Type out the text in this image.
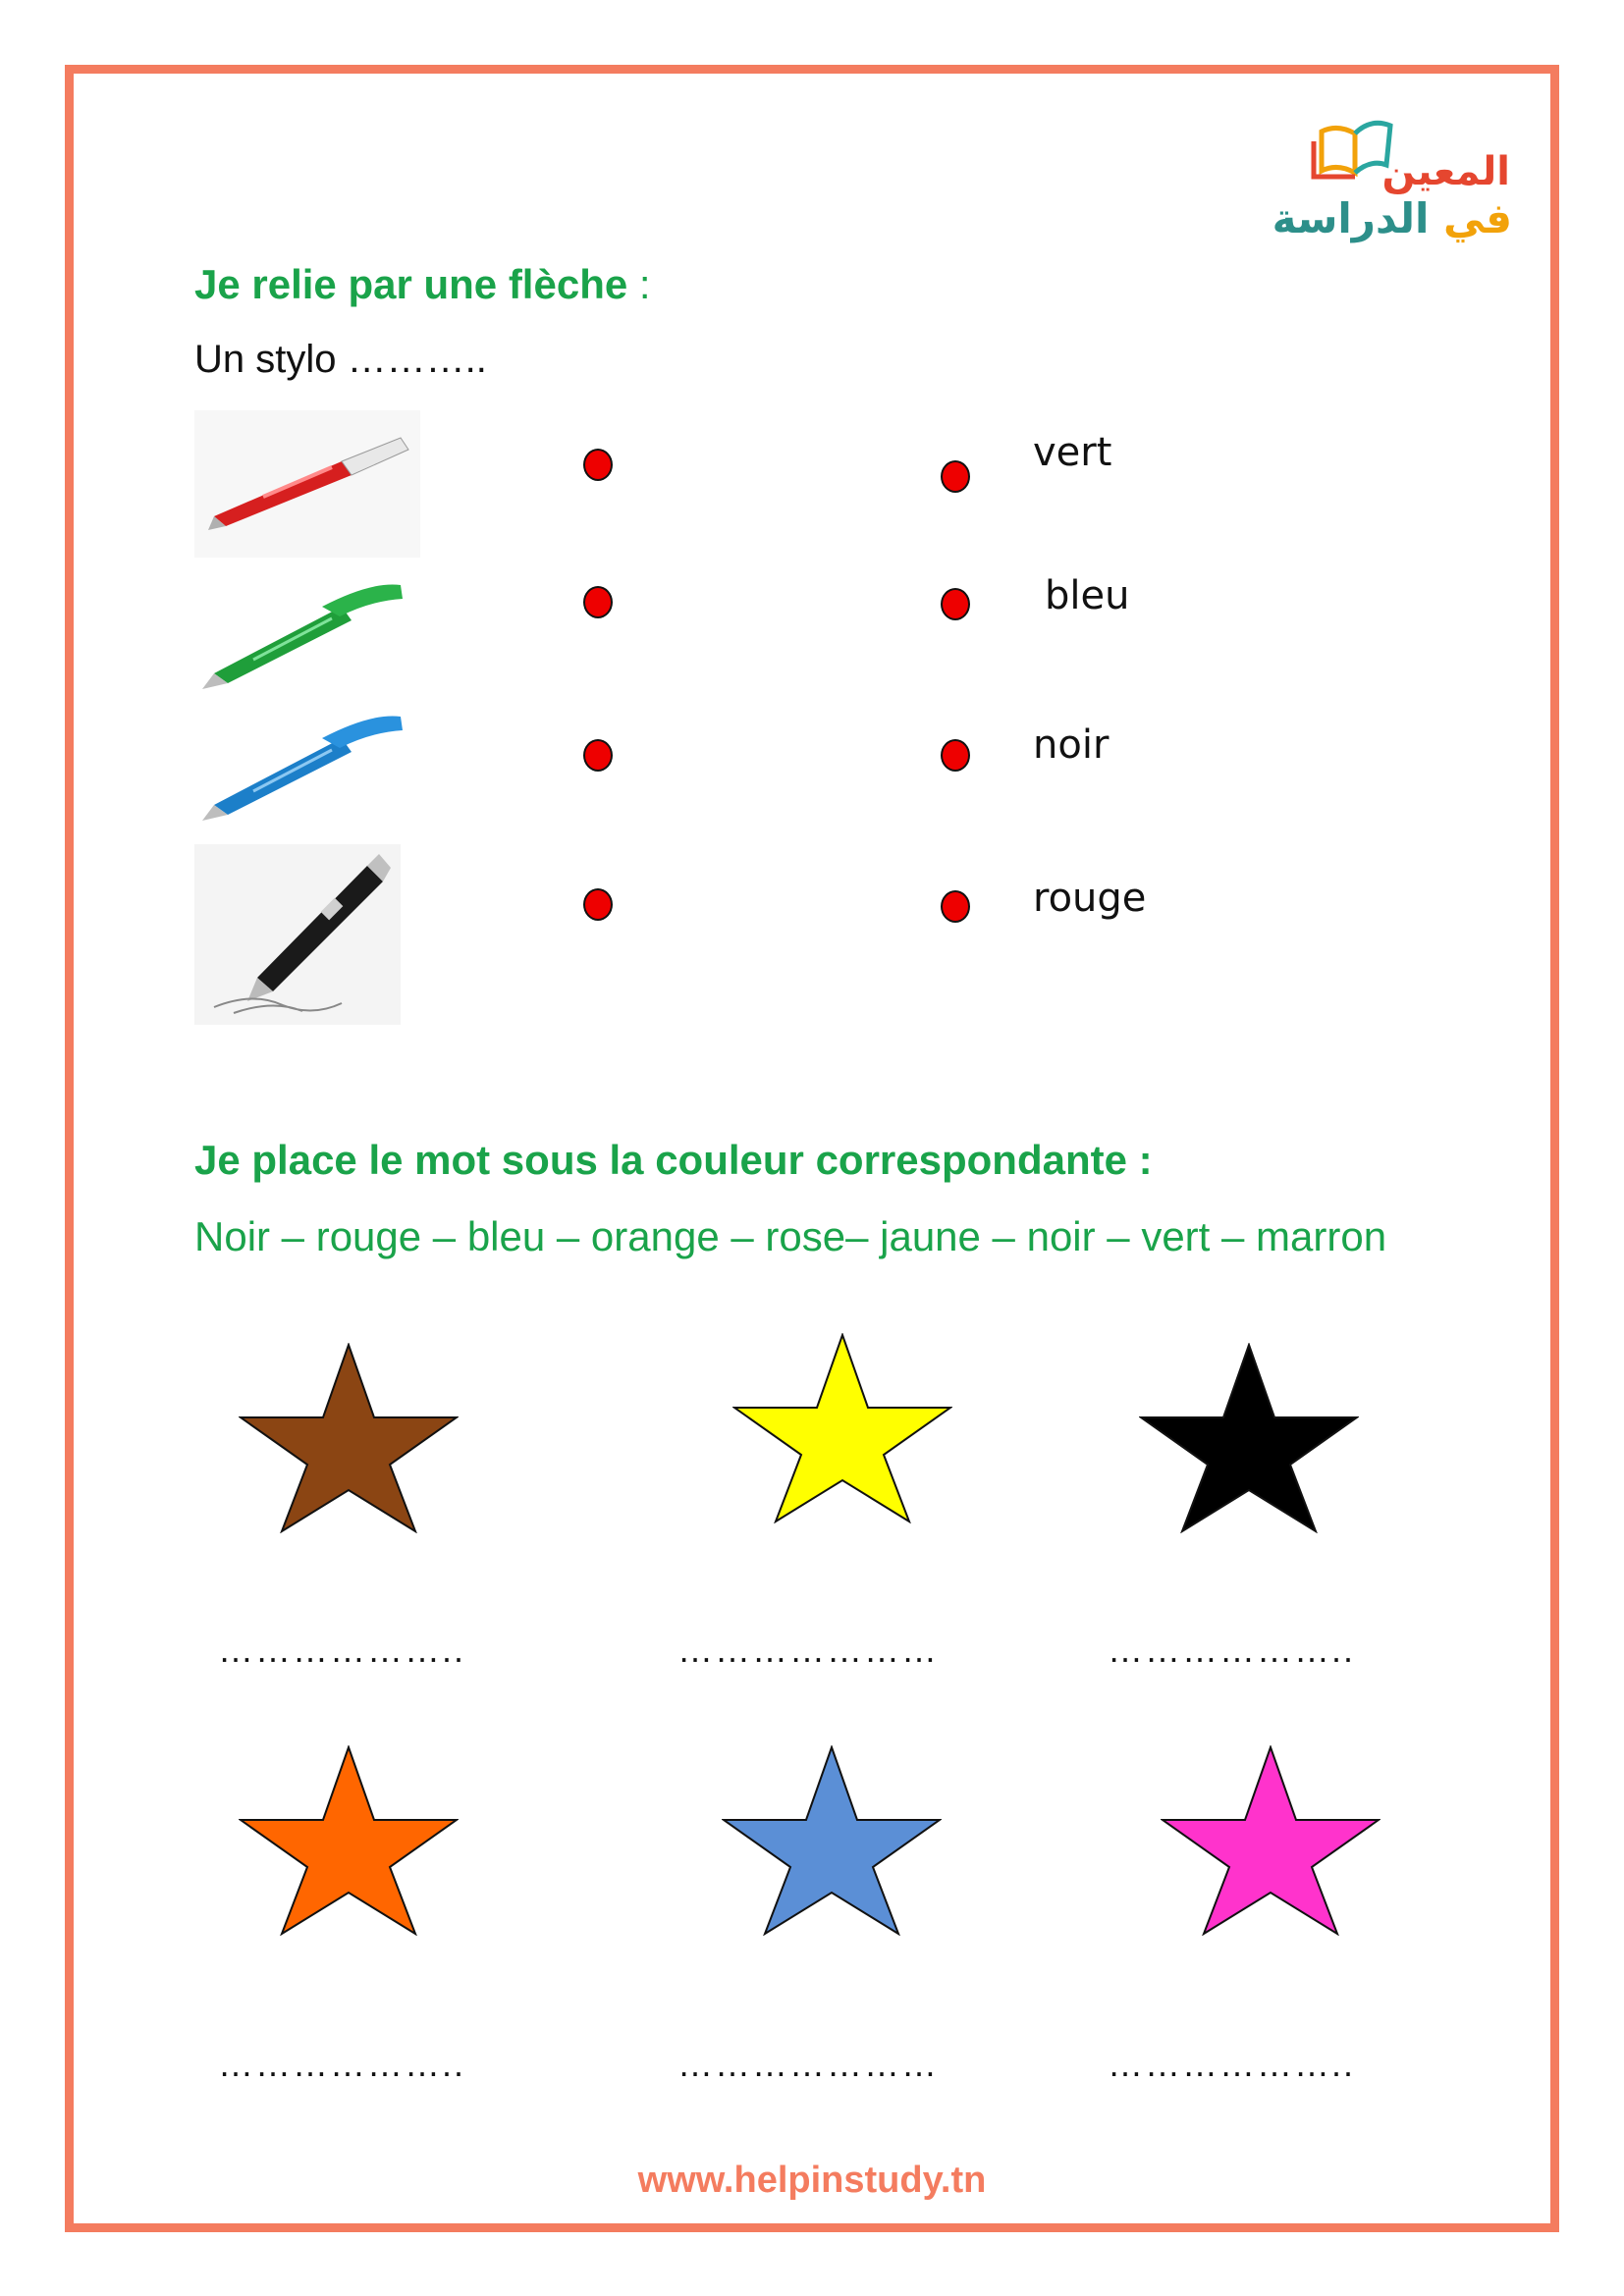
المعين
في الدراسة
Je relie par une flèche :
Un stylo ………..
vert
bleu
noir
rouge
Je place le mot sous la couleur correspondante :
Noir – rouge – bleu – orange – rose– jaune – noir – vert – marron
………………..	…………………	………………..
………………..	…………………	………………..
www.helpinstudy.tn
